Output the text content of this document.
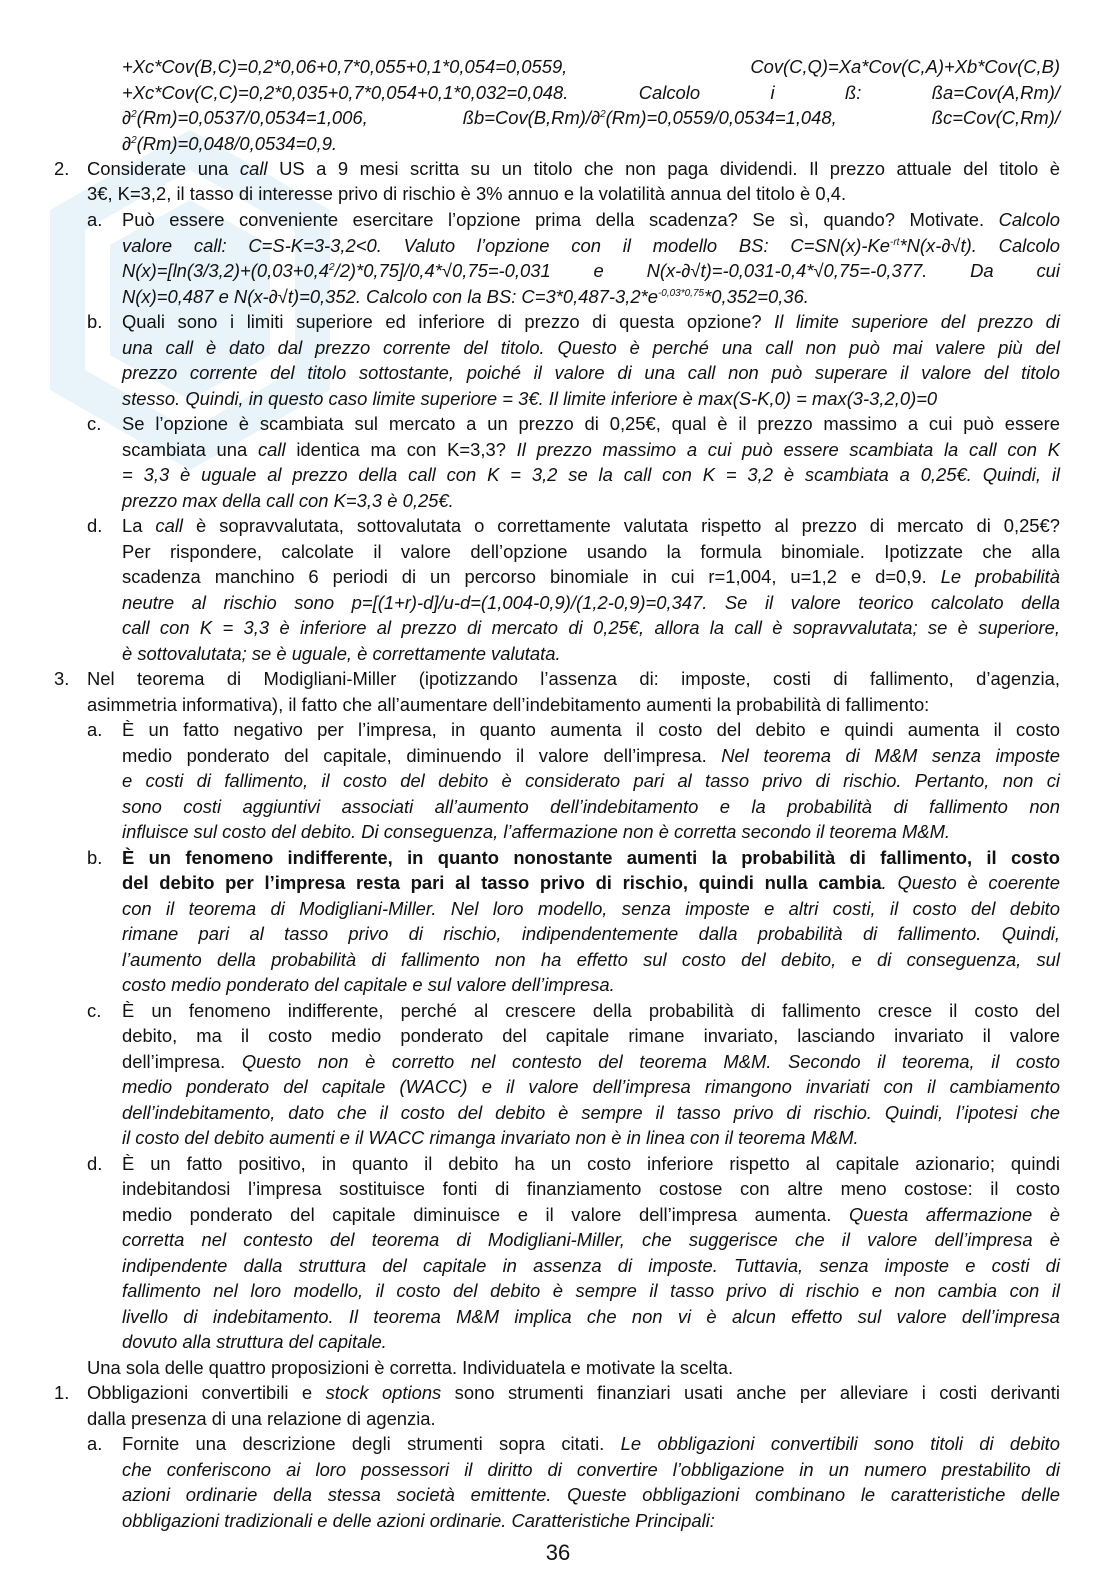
+Xc*Cov(B,C)=0,2*0,06+0,7*0,055+0,1*0,054=0,0559, Cov(C,Q)=Xa*Cov(C,A)+Xb*Cov(C,B)
+Xc*Cov(C,C)=0,2*0,035+0,7*0,054+0,1*0,032=0,048. Calcolo i ß: ßa=Cov(A,Rm)/
∂$^2$(Rm)=0,0537/0,0534=1,006, ßb=Cov(B,Rm)/∂$^2$(Rm)=0,0559/0,0534=1,048, ßc=Cov(C,Rm)/
∂$^2$(Rm)=0,048/0,0534=0,9.
2. Considerate una call US a 9 mesi scritta su un titolo che non paga dividendi. Il prezzo attuale del titolo è
3€, K=3,2, il tasso di interesse privo di rischio è 3% annuo e la volatilità annua del titolo è 0,4.
a. Può essere conveniente esercitare l’opzione prima della scadenza? Se sì, quando? Motivate. Calcolo
valore call: C=S-K=3-3,2<0. Valuto l’opzione con il modello BS: $C=SN(x)-Ke^{-rt}*N(x-\partial√t)$. Calcolo
$N(x)=[\ln(3/3,2)+(0,03+0,4^2/2)*0,75]/0,4*√0,75=-0,031$ e N(x-∂√t)=-0,031-0,4*√0,75=-0,377. Da cui
N(x)=0,487 e N(x-∂√t)=0,352. Calcolo con la BS: $C=3*0,487-3,2*e^{-0,03*0,75}*0,352=0,36$.
b. Quali sono i limiti superiore ed inferiore di prezzo di questa opzione? Il limite superiore del prezzo di
una call è dato dal prezzo corrente del titolo. Questo è perché una call non può mai valere più del
prezzo corrente del titolo sottostante, poiché il valore di una call non può superare il valore del titolo
stesso. Quindi, in questo caso limite superiore = 3€. Il limite inferiore è max(S-K,0) = max(3-3,2,0)=0
c. Se l’opzione è scambiata sul mercato a un prezzo di 0,25€, qual è il prezzo massimo a cui può essere
scambiata una call identica ma con K=3,3? Il prezzo massimo a cui può essere scambiata la call con K
= 3,3 è uguale al prezzo della call con K = 3,2 se la call con K = 3,2 è scambiata a 0,25€. Quindi, il
prezzo max della call con K=3,3 è 0,25€.
d. La call è sopravvalutata, sottovalutata o correttamente valutata rispetto al prezzo di mercato di 0,25€?
Per rispondere, calcolate il valore dell’opzione usando la formula binomiale. Ipotizzate che alla
scadenza manchino 6 periodi di un percorso binomiale in cui r=1,004, u=1,2 e d=0,9. Le probabilità
neutre al rischio sono p=[(1+r)-d]/u-d=(1,004-0,9)/(1,2-0,9)=0,347. Se il valore teorico calcolato della
call con K = 3,3 è inferiore al prezzo di mercato di 0,25€, allora la call è sopravvalutata; se è superiore,
è sottovalutata; se è uguale, è correttamente valutata.
3. Nel teorema di Modigliani-Miller (ipotizzando l’assenza di: imposte, costi di fallimento, d’agenzia,
asimmetria informativa), il fatto che all’aumentare dell’indebitamento aumenti la probabilità di fallimento:
a. È un fatto negativo per l’impresa, in quanto aumenta il costo del debito e quindi aumenta il costo
medio ponderato del capitale, diminuendo il valore dell’impresa. Nel teorema di M&M senza imposte
e costi di fallimento, il costo del debito è considerato pari al tasso privo di rischio. Pertanto, non ci
sono costi aggiuntivi associati all’aumento dell’indebitamento e la probabilità di fallimento non
influisce sul costo del debito. Di conseguenza, l’affermazione non è corretta secondo il teorema M&M.
b. È un fenomeno indifferente, in quanto nonostante aumenti la probabilità di fallimento, il costo
del debito per l’impresa resta pari al tasso privo di rischio, quindi nulla cambia. Questo è coerente
con il teorema di Modigliani-Miller. Nel loro modello, senza imposte e altri costi, il costo del debito
rimane pari al tasso privo di rischio, indipendentemente dalla probabilità di fallimento. Quindi,
l’aumento della probabilità di fallimento non ha effetto sul costo del debito, e di conseguenza, sul
costo medio ponderato del capitale e sul valore dell’impresa.
c. È un fenomeno indifferente, perché al crescere della probabilità di fallimento cresce il costo del
debito, ma il costo medio ponderato del capitale rimane invariato, lasciando invariato il valore
dell’impresa. Questo non è corretto nel contesto del teorema M&M. Secondo il teorema, il costo
medio ponderato del capitale (WACC) e il valore dell’impresa rimangono invariati con il cambiamento
dell’indebitamento, dato che il costo del debito è sempre il tasso privo di rischio. Quindi, l’ipotesi che
il costo del debito aumenti e il WACC rimanga invariato non è in linea con il teorema M&M.
d. È un fatto positivo, in quanto il debito ha un costo inferiore rispetto al capitale azionario; quindi
indebitandosi l’impresa sostituisce fonti di finanziamento costose con altre meno costose: il costo
medio ponderato del capitale diminuisce e il valore dell’impresa aumenta. Questa affermazione è
corretta nel contesto del teorema di Modigliani-Miller, che suggerisce che il valore dell’impresa è
indipendente dalla struttura del capitale in assenza di imposte. Tuttavia, senza imposte e costi di
fallimento nel loro modello, il costo del debito è sempre il tasso privo di rischio e non cambia con il
livello di indebitamento. Il teorema M&M implica che non vi è alcun effetto sul valore dell’impresa
dovuto alla struttura del capitale.
Una sola delle quattro proposizioni è corretta. Individuatela e motivate la scelta.
1. Obbligazioni convertibili e stock options sono strumenti finanziari usati anche per alleviare i costi derivanti
dalla presenza di una relazione di agenzia.
a. Fornite una descrizione degli strumenti sopra citati. Le obbligazioni convertibili sono titoli di debito
che conferiscono ai loro possessori il diritto di convertire l’obbligazione in un numero prestabilito di
azioni ordinarie della stessa società emittente. Queste obbligazioni combinano le caratteristiche delle
obbligazioni tradizionali e delle azioni ordinarie. Caratteristiche Principali:
36
